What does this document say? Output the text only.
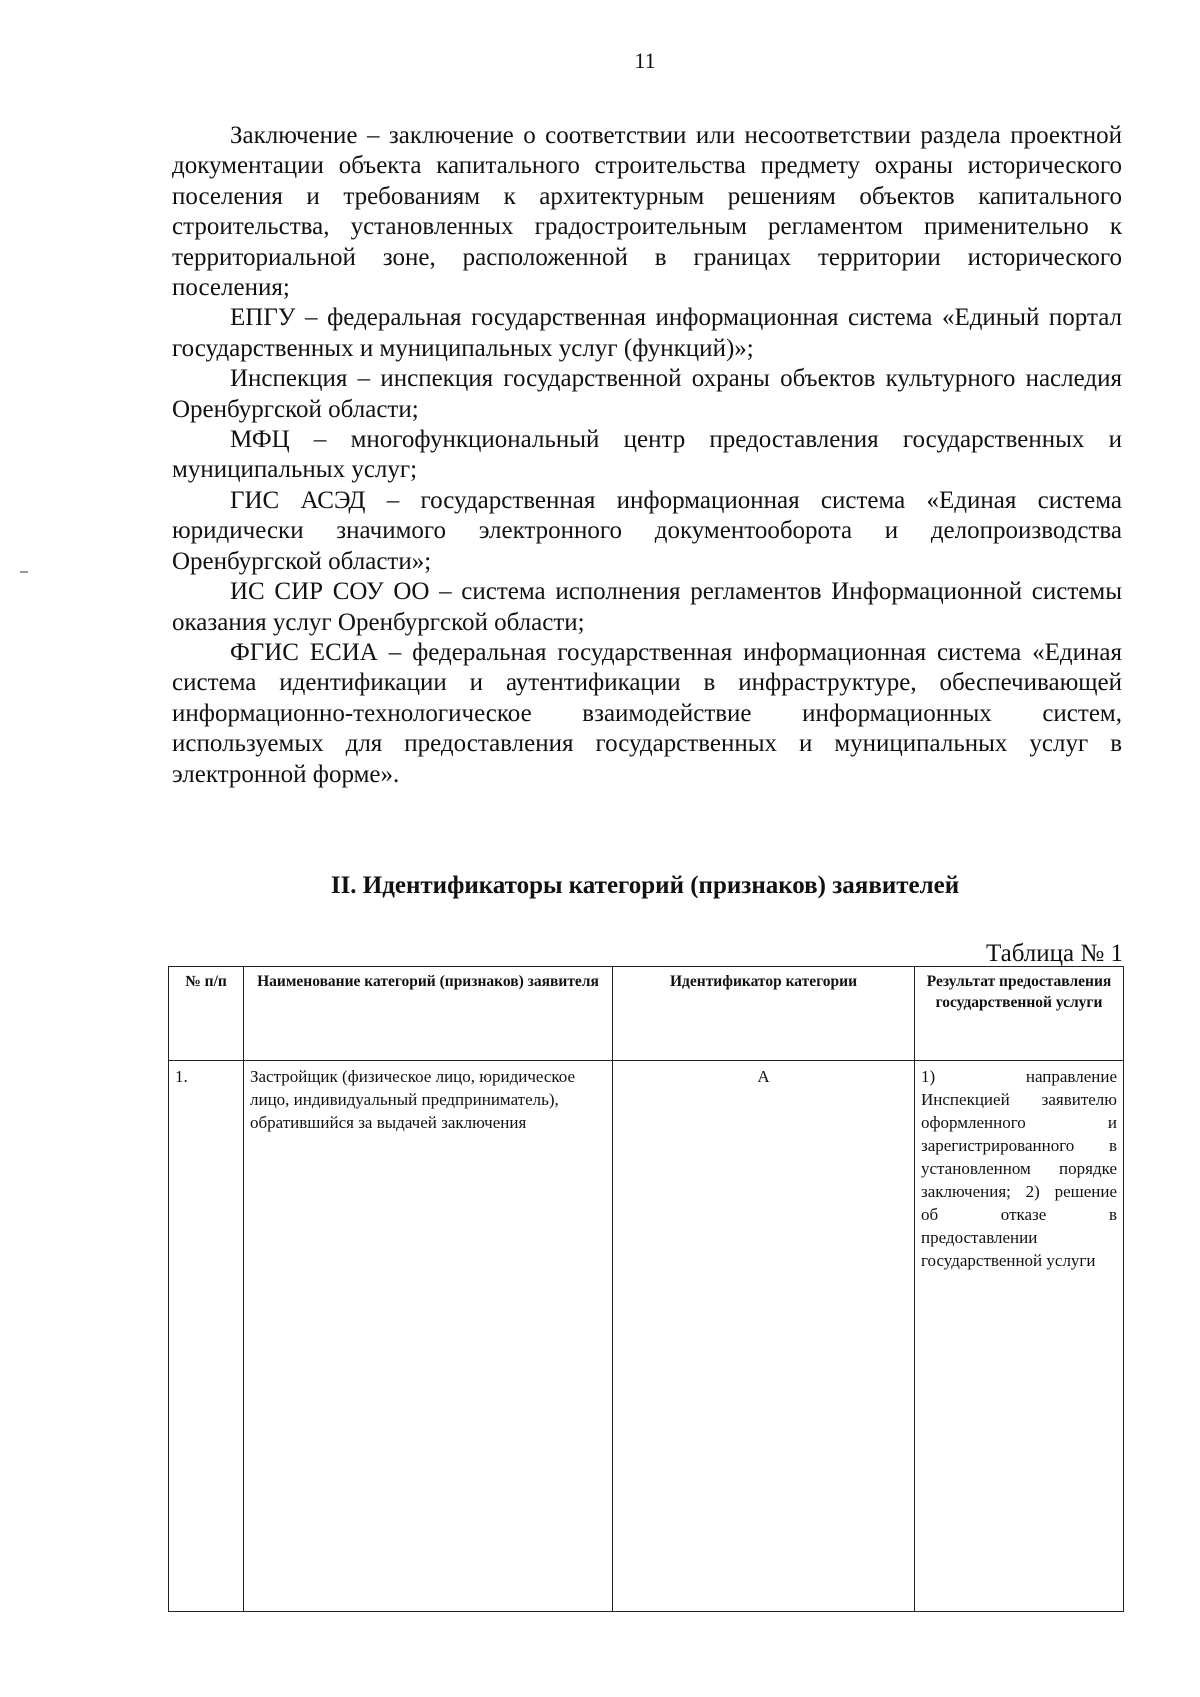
11

Заключение – заключение о соответствии или несоответствии раздела проектной документации объекта капитального строительства предмету охраны исторического поселения и требованиям к архитектурным решениям объектов капитального строительства, установленных градостроительным регламентом применительно к территориальной зоне, расположенной в границах территории исторического поселения;

ЕПГУ – федеральная государственная информационная система «Единый портал государственных и муниципальных услуг (функций)»;

Инспекция – инспекция государственной охраны объектов культурного наследия Оренбургской области;

МФЦ – многофункциональный центр предоставления государственных и муниципальных услуг;

ГИС АСЭД – государственная информационная система «Единая система юридически значимого электронного документооборота и делопроизводства Оренбургской области»;

ИС СИР СОУ ОО – система исполнения регламентов Информационной системы оказания услуг Оренбургской области;

ФГИС ЕСИА – федеральная государственная информационная система «Единая система идентификации и аутентификации в инфраструктуре, обеспечивающей информационно-технологическое взаимодействие информационных систем, используемых для предоставления государственных и муниципальных услуг в электронной форме».

II. Идентификаторы категорий (признаков) заявителей
Таблица № 1
№ п/п	Наименование категорий (признаков) заявителя	Идентификатор категории	Результат предоставления государственной услуги
1.	Застройщик (физическое лицо, юридическое лицо, индивидуальный предприниматель), обратившийся за выдачей заключения	А	1) направление Инспекцией заявителю оформленного и зарегистрированного в установленном порядке заключения; 2) решение об отказе в предоставлении государственной услуги
